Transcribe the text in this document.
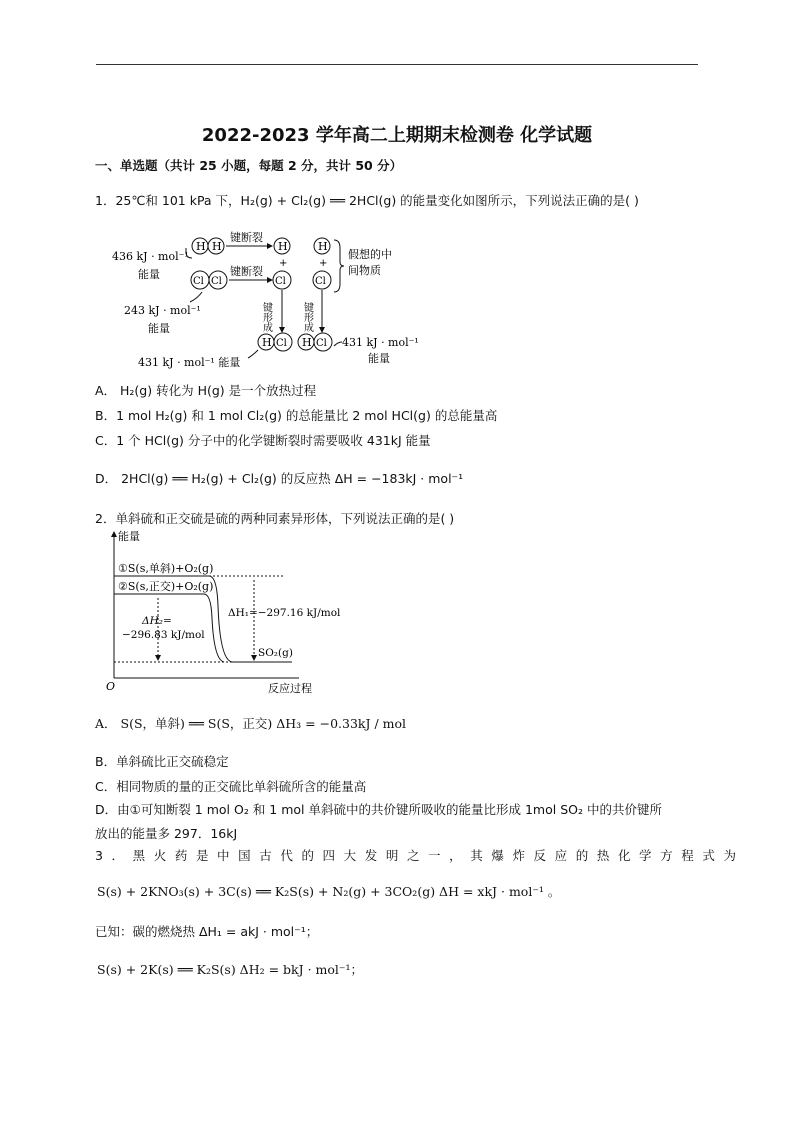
2022-2023 学年高二上期期末检测卷 化学试题
一、单选题（共计 25 小题，每题 2 分，共计 50 分）
1．25℃和 101 kPa 下，H₂(g) + Cl₂(g) ══ 2HCl(g) 的能量变化如图所示，下列说法正确的是( )
436 kJ · mol⁻¹
能量
243 kJ · mol⁻¹
能量
H H
Cl Cl
键断裂
键断裂
H
+
Cl
H
+
Cl
假想的中
间物质
键形成	键形成
H Cl H Cl
431 kJ · mol⁻¹ 能量
431 kJ · mol⁻¹
能量
A． H₂(g) 转化为 H(g) 是一个放热过程
B．1 mol H₂(g) 和 1 mol Cl₂(g) 的总能量比 2 mol HCl(g) 的总能量高
C．1 个 HCl(g) 分子中的化学键断裂时需要吸收 431kJ 能量
D． 2HCl(g) ══ H₂(g) + Cl₂(g) 的反应热 ΔH = −183kJ · mol⁻¹
2．单斜硫和正交硫是硫的两种同素异形体，下列说法正确的是( )
能量
O	反应过程
①S(s,单斜)+O₂(g)
②S(s,正交)+O₂(g)
ΔH₂=
−296.83 kJ/mol
ΔH₁=−297.16 kJ/mol
SO₂(g)
A． S(S，单斜) ══ S(S，正交) ΔH₃ = −0.33kJ / mol
B．单斜硫比正交硫稳定
C．相同物质的量的正交硫比单斜硫所含的能量高
D．由①可知断裂 1 mol O₂ 和 1 mol 单斜硫中的共价键所吸收的能量比形成 1mol SO₂ 中的共价键所
放出的能量多 297．16kJ
3．黑火药是中国古代的四大发明之一，其爆炸反应的热化学方程式为
S(s) + 2KNO₃(s) + 3C(s) ══ K₂S(s) + N₂(g) + 3CO₂(g) ΔH = xkJ · mol⁻¹ 。
已知：碳的燃烧热 ΔH₁ = akJ · mol⁻¹；
S(s) + 2K(s) ══ K₂S(s) ΔH₂ = bkJ · mol⁻¹；
